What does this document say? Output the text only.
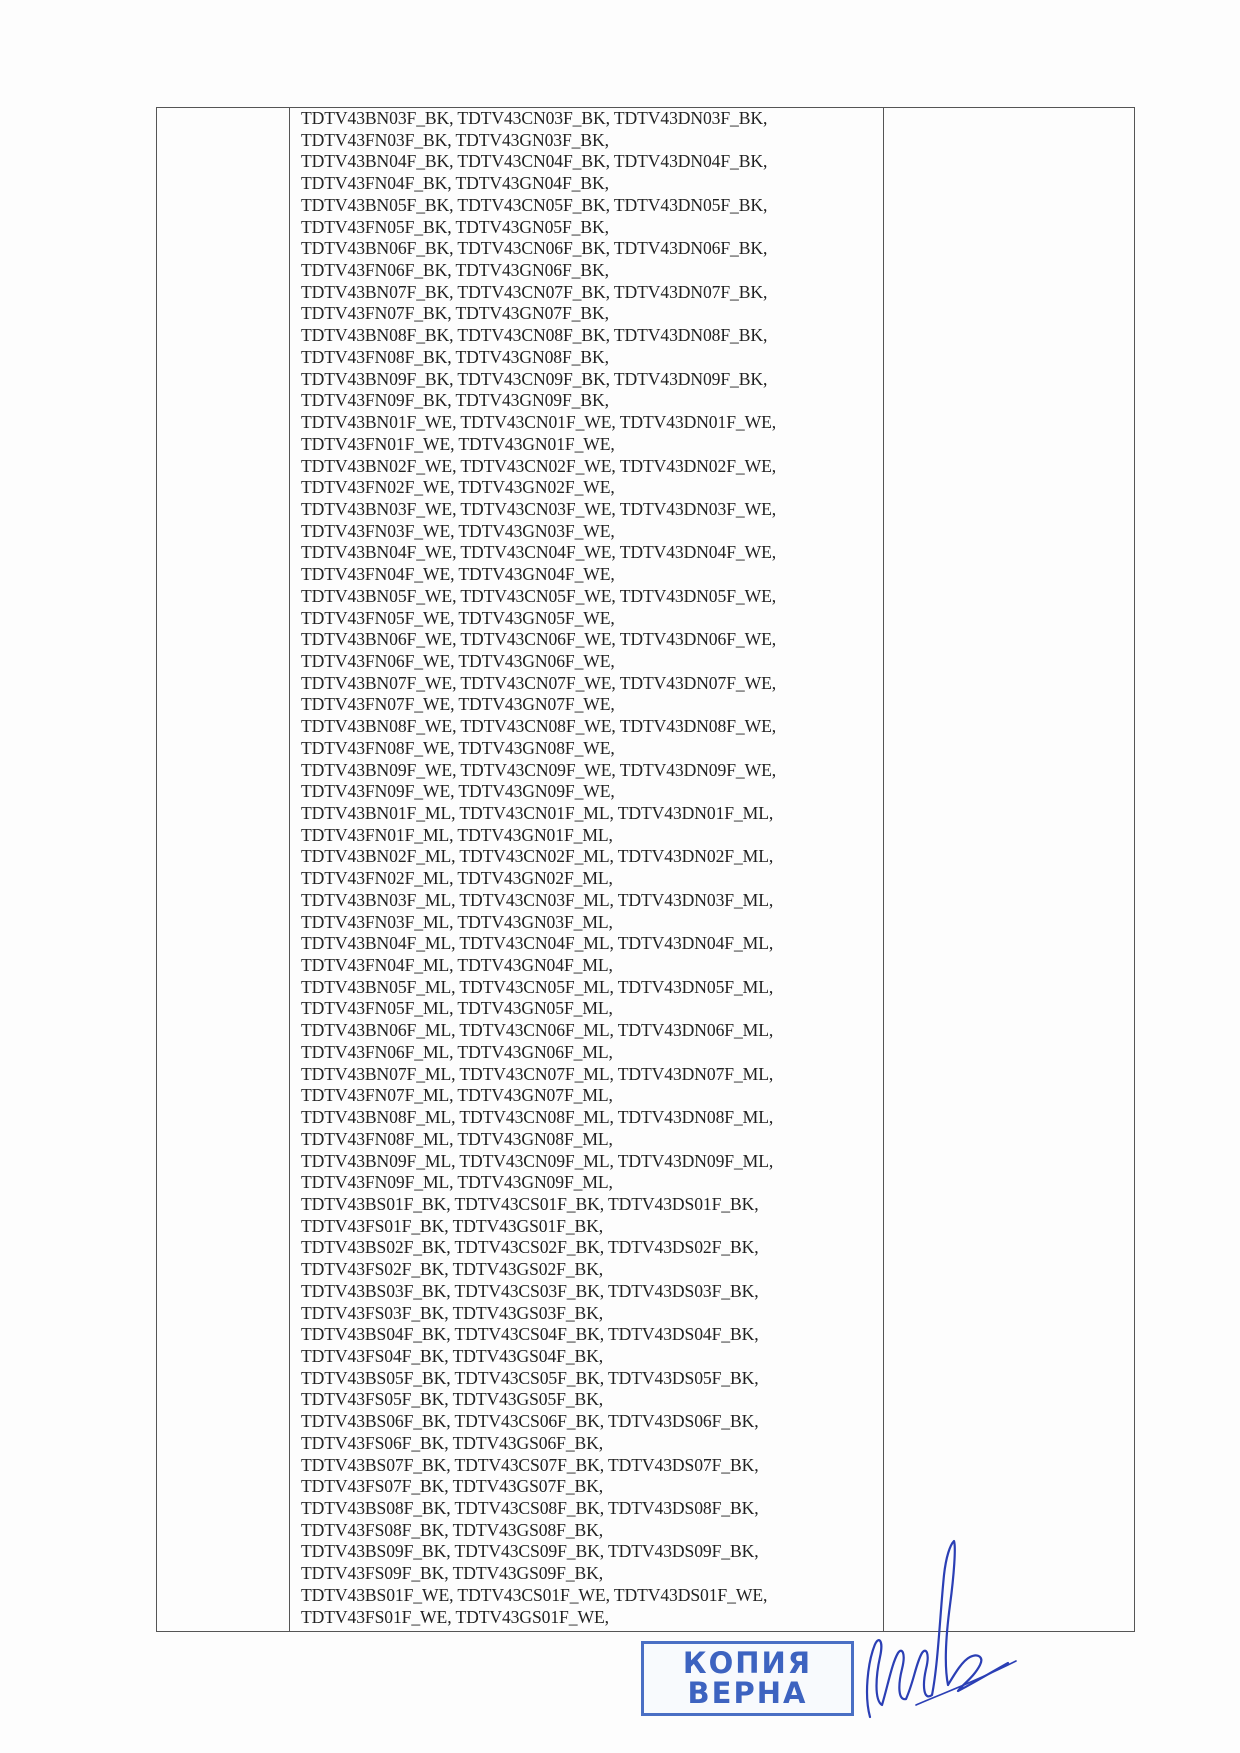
TDTV43BN03F_BK, TDTV43CN03F_BK, TDTV43DN03F_BK,
TDTV43FN03F_BK, TDTV43GN03F_BK,
TDTV43BN04F_BK, TDTV43CN04F_BK, TDTV43DN04F_BK,
TDTV43FN04F_BK, TDTV43GN04F_BK,
TDTV43BN05F_BK, TDTV43CN05F_BK, TDTV43DN05F_BK,
TDTV43FN05F_BK, TDTV43GN05F_BK,
TDTV43BN06F_BK, TDTV43CN06F_BK, TDTV43DN06F_BK,
TDTV43FN06F_BK, TDTV43GN06F_BK,
TDTV43BN07F_BK, TDTV43CN07F_BK, TDTV43DN07F_BK,
TDTV43FN07F_BK, TDTV43GN07F_BK,
TDTV43BN08F_BK, TDTV43CN08F_BK, TDTV43DN08F_BK,
TDTV43FN08F_BK, TDTV43GN08F_BK,
TDTV43BN09F_BK, TDTV43CN09F_BK, TDTV43DN09F_BK,
TDTV43FN09F_BK, TDTV43GN09F_BK,
TDTV43BN01F_WE, TDTV43CN01F_WE, TDTV43DN01F_WE,
TDTV43FN01F_WE, TDTV43GN01F_WE,
TDTV43BN02F_WE, TDTV43CN02F_WE, TDTV43DN02F_WE,
TDTV43FN02F_WE, TDTV43GN02F_WE,
TDTV43BN03F_WE, TDTV43CN03F_WE, TDTV43DN03F_WE,
TDTV43FN03F_WE, TDTV43GN03F_WE,
TDTV43BN04F_WE, TDTV43CN04F_WE, TDTV43DN04F_WE,
TDTV43FN04F_WE, TDTV43GN04F_WE,
TDTV43BN05F_WE, TDTV43CN05F_WE, TDTV43DN05F_WE,
TDTV43FN05F_WE, TDTV43GN05F_WE,
TDTV43BN06F_WE, TDTV43CN06F_WE, TDTV43DN06F_WE,
TDTV43FN06F_WE, TDTV43GN06F_WE,
TDTV43BN07F_WE, TDTV43CN07F_WE, TDTV43DN07F_WE,
TDTV43FN07F_WE, TDTV43GN07F_WE,
TDTV43BN08F_WE, TDTV43CN08F_WE, TDTV43DN08F_WE,
TDTV43FN08F_WE, TDTV43GN08F_WE,
TDTV43BN09F_WE, TDTV43CN09F_WE, TDTV43DN09F_WE,
TDTV43FN09F_WE, TDTV43GN09F_WE,
TDTV43BN01F_ML, TDTV43CN01F_ML, TDTV43DN01F_ML,
TDTV43FN01F_ML, TDTV43GN01F_ML,
TDTV43BN02F_ML, TDTV43CN02F_ML, TDTV43DN02F_ML,
TDTV43FN02F_ML, TDTV43GN02F_ML,
TDTV43BN03F_ML, TDTV43CN03F_ML, TDTV43DN03F_ML,
TDTV43FN03F_ML, TDTV43GN03F_ML,
TDTV43BN04F_ML, TDTV43CN04F_ML, TDTV43DN04F_ML,
TDTV43FN04F_ML, TDTV43GN04F_ML,
TDTV43BN05F_ML, TDTV43CN05F_ML, TDTV43DN05F_ML,
TDTV43FN05F_ML, TDTV43GN05F_ML,
TDTV43BN06F_ML, TDTV43CN06F_ML, TDTV43DN06F_ML,
TDTV43FN06F_ML, TDTV43GN06F_ML,
TDTV43BN07F_ML, TDTV43CN07F_ML, TDTV43DN07F_ML,
TDTV43FN07F_ML, TDTV43GN07F_ML,
TDTV43BN08F_ML, TDTV43CN08F_ML, TDTV43DN08F_ML,
TDTV43FN08F_ML, TDTV43GN08F_ML,
TDTV43BN09F_ML, TDTV43CN09F_ML, TDTV43DN09F_ML,
TDTV43FN09F_ML, TDTV43GN09F_ML,
TDTV43BS01F_BK, TDTV43CS01F_BK, TDTV43DS01F_BK,
TDTV43FS01F_BK, TDTV43GS01F_BK,
TDTV43BS02F_BK, TDTV43CS02F_BK, TDTV43DS02F_BK,
TDTV43FS02F_BK, TDTV43GS02F_BK,
TDTV43BS03F_BK, TDTV43CS03F_BK, TDTV43DS03F_BK,
TDTV43FS03F_BK, TDTV43GS03F_BK,
TDTV43BS04F_BK, TDTV43CS04F_BK, TDTV43DS04F_BK,
TDTV43FS04F_BK, TDTV43GS04F_BK,
TDTV43BS05F_BK, TDTV43CS05F_BK, TDTV43DS05F_BK,
TDTV43FS05F_BK, TDTV43GS05F_BK,
TDTV43BS06F_BK, TDTV43CS06F_BK, TDTV43DS06F_BK,
TDTV43FS06F_BK, TDTV43GS06F_BK,
TDTV43BS07F_BK, TDTV43CS07F_BK, TDTV43DS07F_BK,
TDTV43FS07F_BK, TDTV43GS07F_BK,
TDTV43BS08F_BK, TDTV43CS08F_BK, TDTV43DS08F_BK,
TDTV43FS08F_BK, TDTV43GS08F_BK,
TDTV43BS09F_BK, TDTV43CS09F_BK, TDTV43DS09F_BK,
TDTV43FS09F_BK, TDTV43GS09F_BK,
TDTV43BS01F_WE, TDTV43CS01F_WE, TDTV43DS01F_WE,
TDTV43FS01F_WE, TDTV43GS01F_WE,
КОПИЯ
ВЕРНА
